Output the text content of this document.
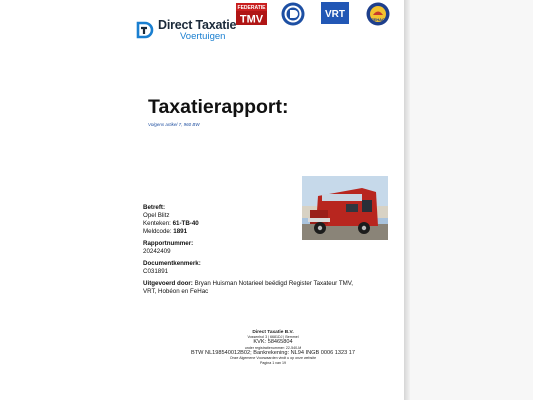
Direct Taxatie
Voertuigen
FEDERATIE
TMV	VRT	FEHAC
Taxatierapport:
Volgens artikel 7, 960 BW
Betreft:
Opel Blitz
Kenteken: 61-TB-40
Meldcode: 1891
Rapportnummer:
20242409
Documentkenmerk:
C031891
Uitgevoerd door: Bryan Huisman Notarieel beëdigd Register Taxateur TMV, VRT, Hobéon en FeHac
Direct Taxatie B.V.
Vossenhol 3 | 6681DJ | Bemmel
KVK: 58465804
under registratienummer: 22-540-M
BTW NL198540012B02; Bankrekening: NL94 INGB 0006 1323 17
Onze Algemene Voorwaarden vindt u op onze website
Pagina 1 van 19
